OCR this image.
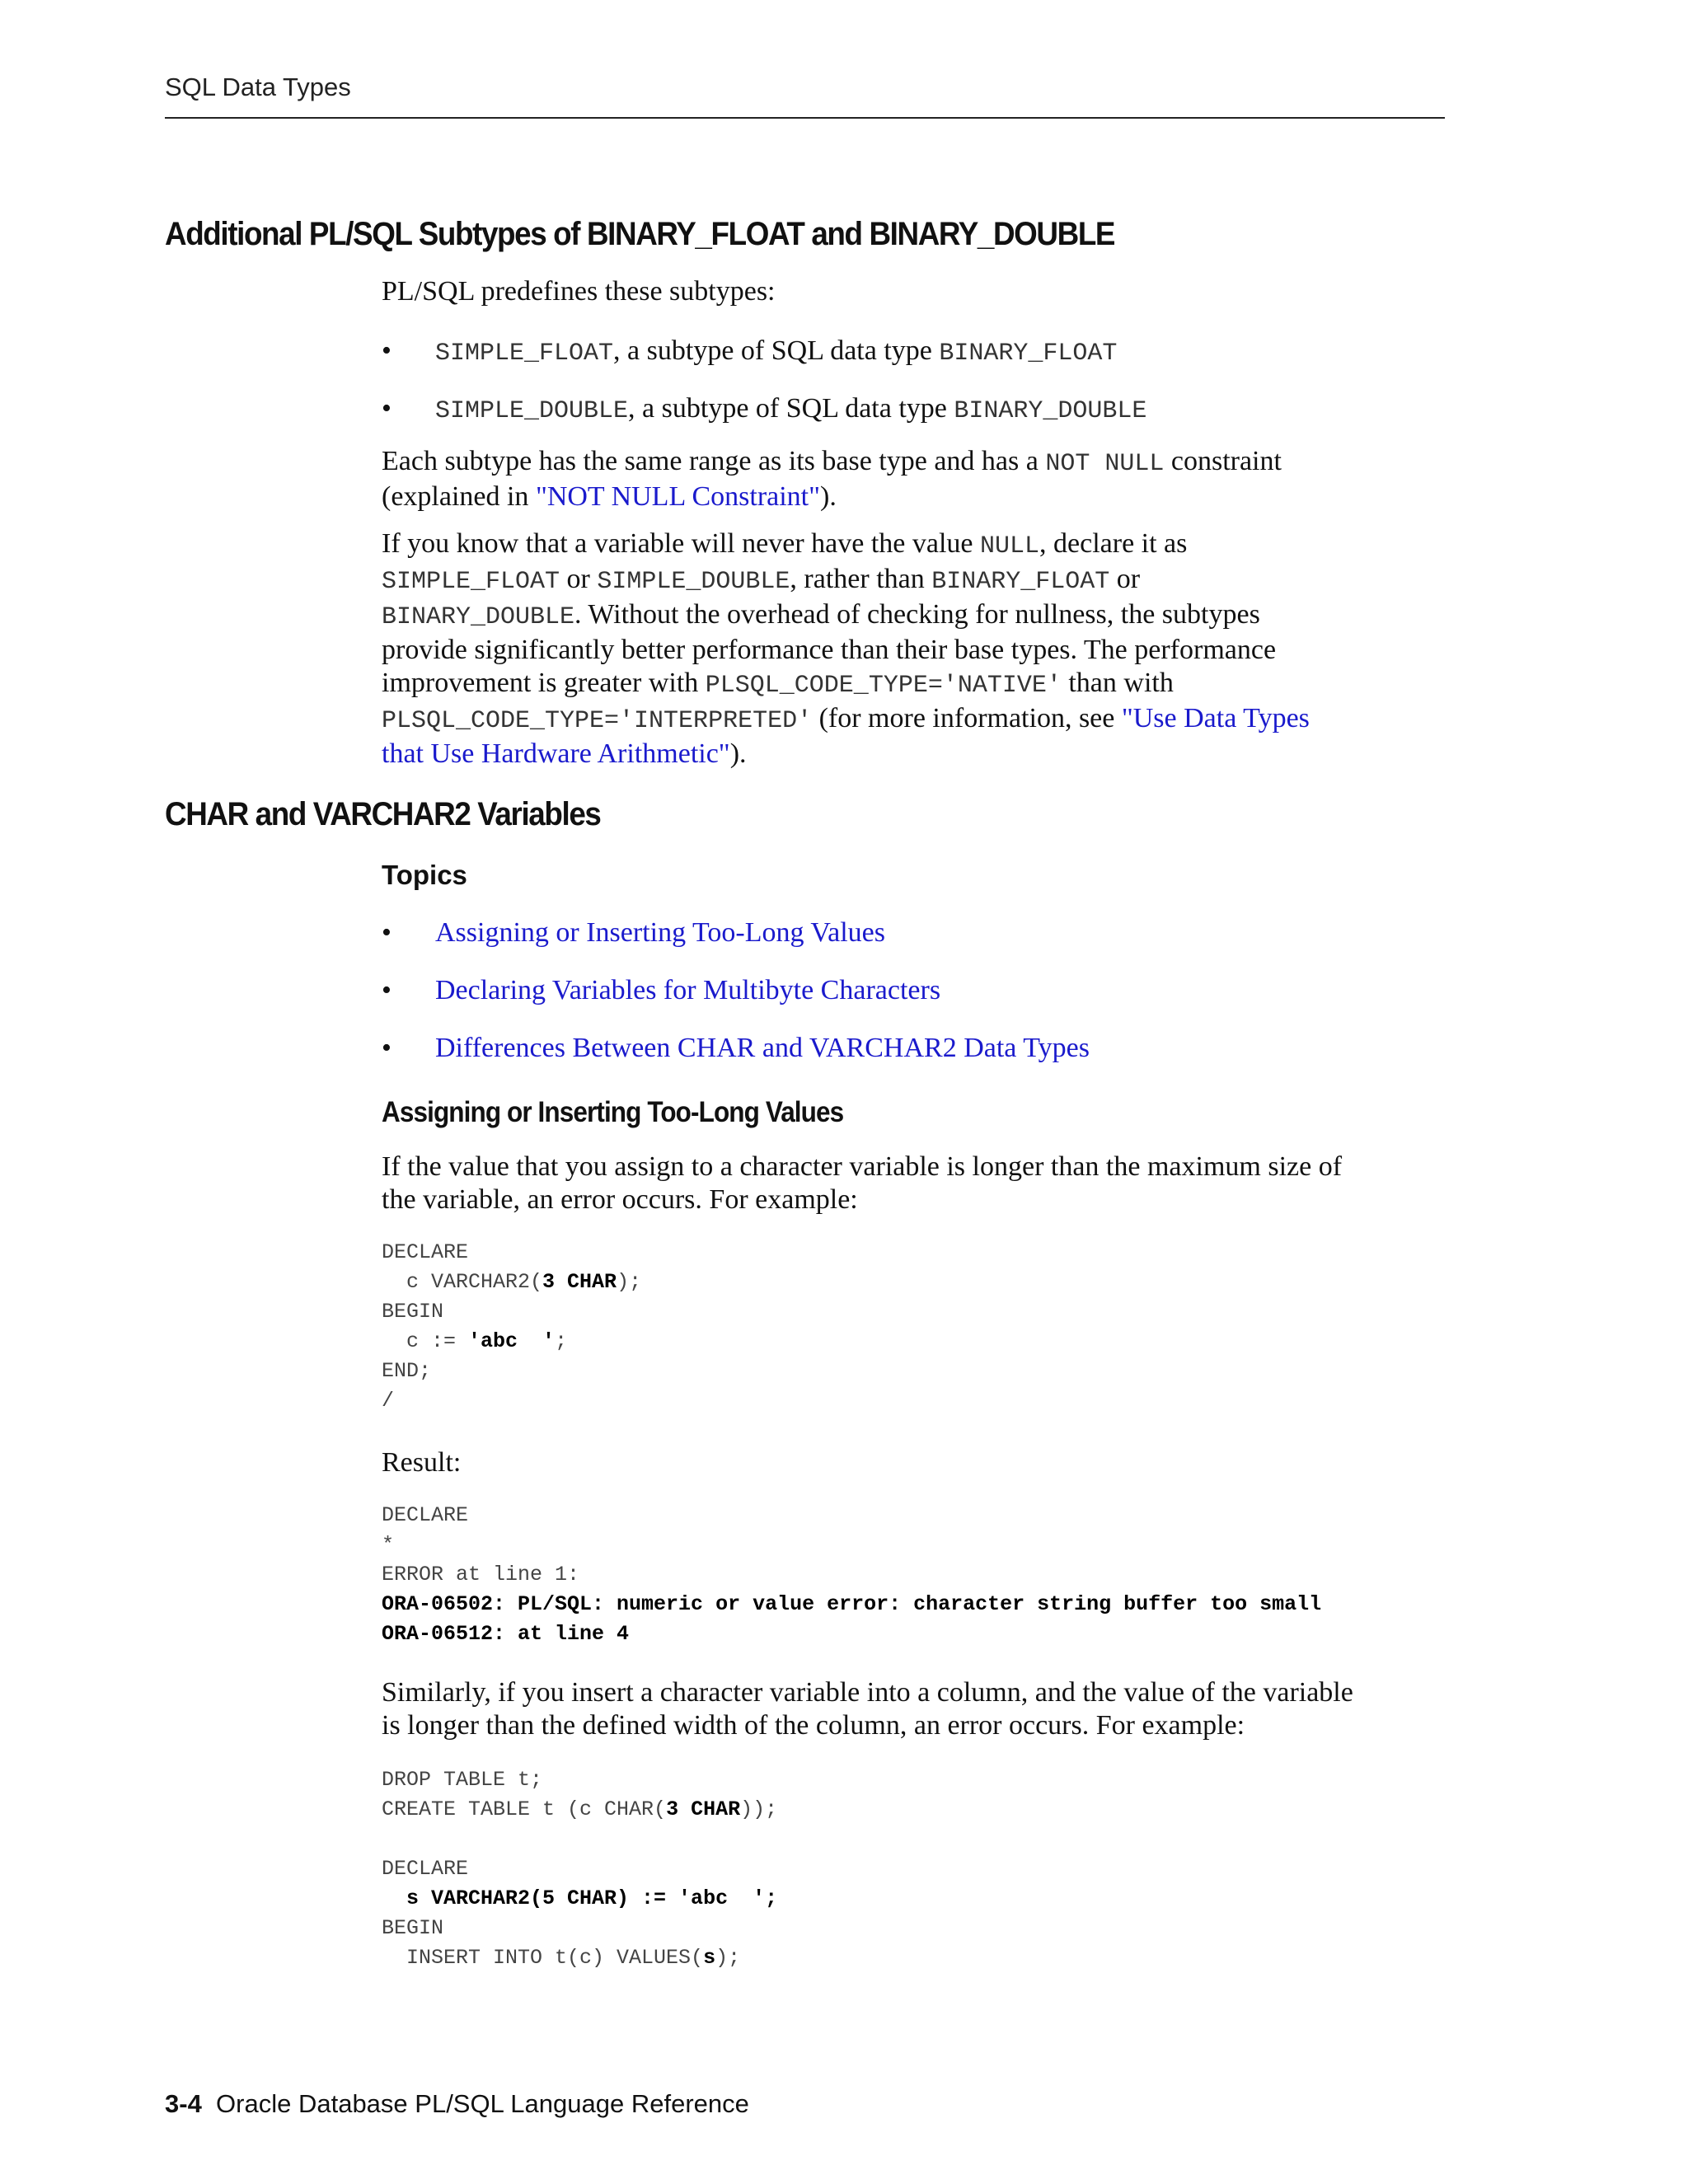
SQL Data Types
Additional PL/SQL Subtypes of BINARY_FLOAT and BINARY_DOUBLE

PL/SQL predefines these subtypes:

• SIMPLE_FLOAT, a subtype of SQL data type BINARY_FLOAT
• SIMPLE_DOUBLE, a subtype of SQL data type BINARY_DOUBLE

Each subtype has the same range as its base type and has a NOT NULL constraint
(explained in "NOT NULL Constraint").

If you know that a variable will never have the value NULL, declare it as
SIMPLE_FLOAT or SIMPLE_DOUBLE, rather than BINARY_FLOAT or
BINARY_DOUBLE. Without the overhead of checking for nullness, the subtypes
provide significantly better performance than their base types. The performance
improvement is greater with PLSQL_CODE_TYPE='NATIVE' than with
PLSQL_CODE_TYPE='INTERPRETED' (for more information, see "Use Data Types
that Use Hardware Arithmetic").

CHAR and VARCHAR2 Variables
Topics
• Assigning or Inserting Too-Long Values
• Declaring Variables for Multibyte Characters
• Differences Between CHAR and VARCHAR2 Data Types
Assigning or Inserting Too-Long Values

If the value that you assign to a character variable is longer than the maximum size of
the variable, an error occurs. For example:

DECLARE
c VARCHAR2(3 CHAR);
BEGIN
c := 'abc  ';
END;
/

Result:

DECLARE
*
ERROR at line 1:
ORA-06502: PL/SQL: numeric or value error: character string buffer too small
ORA-06512: at line 4

Similarly, if you insert a character variable into a column, and the value of the variable
is longer than the defined width of the column, an error occurs. For example:

DROP TABLE t;
CREATE TABLE t (c CHAR(3 CHAR));

DECLARE
s VARCHAR2(5 CHAR) := 'abc  ';
BEGIN
INSERT INTO t(c) VALUES(s);
3-4 Oracle Database PL/SQL Language Reference
